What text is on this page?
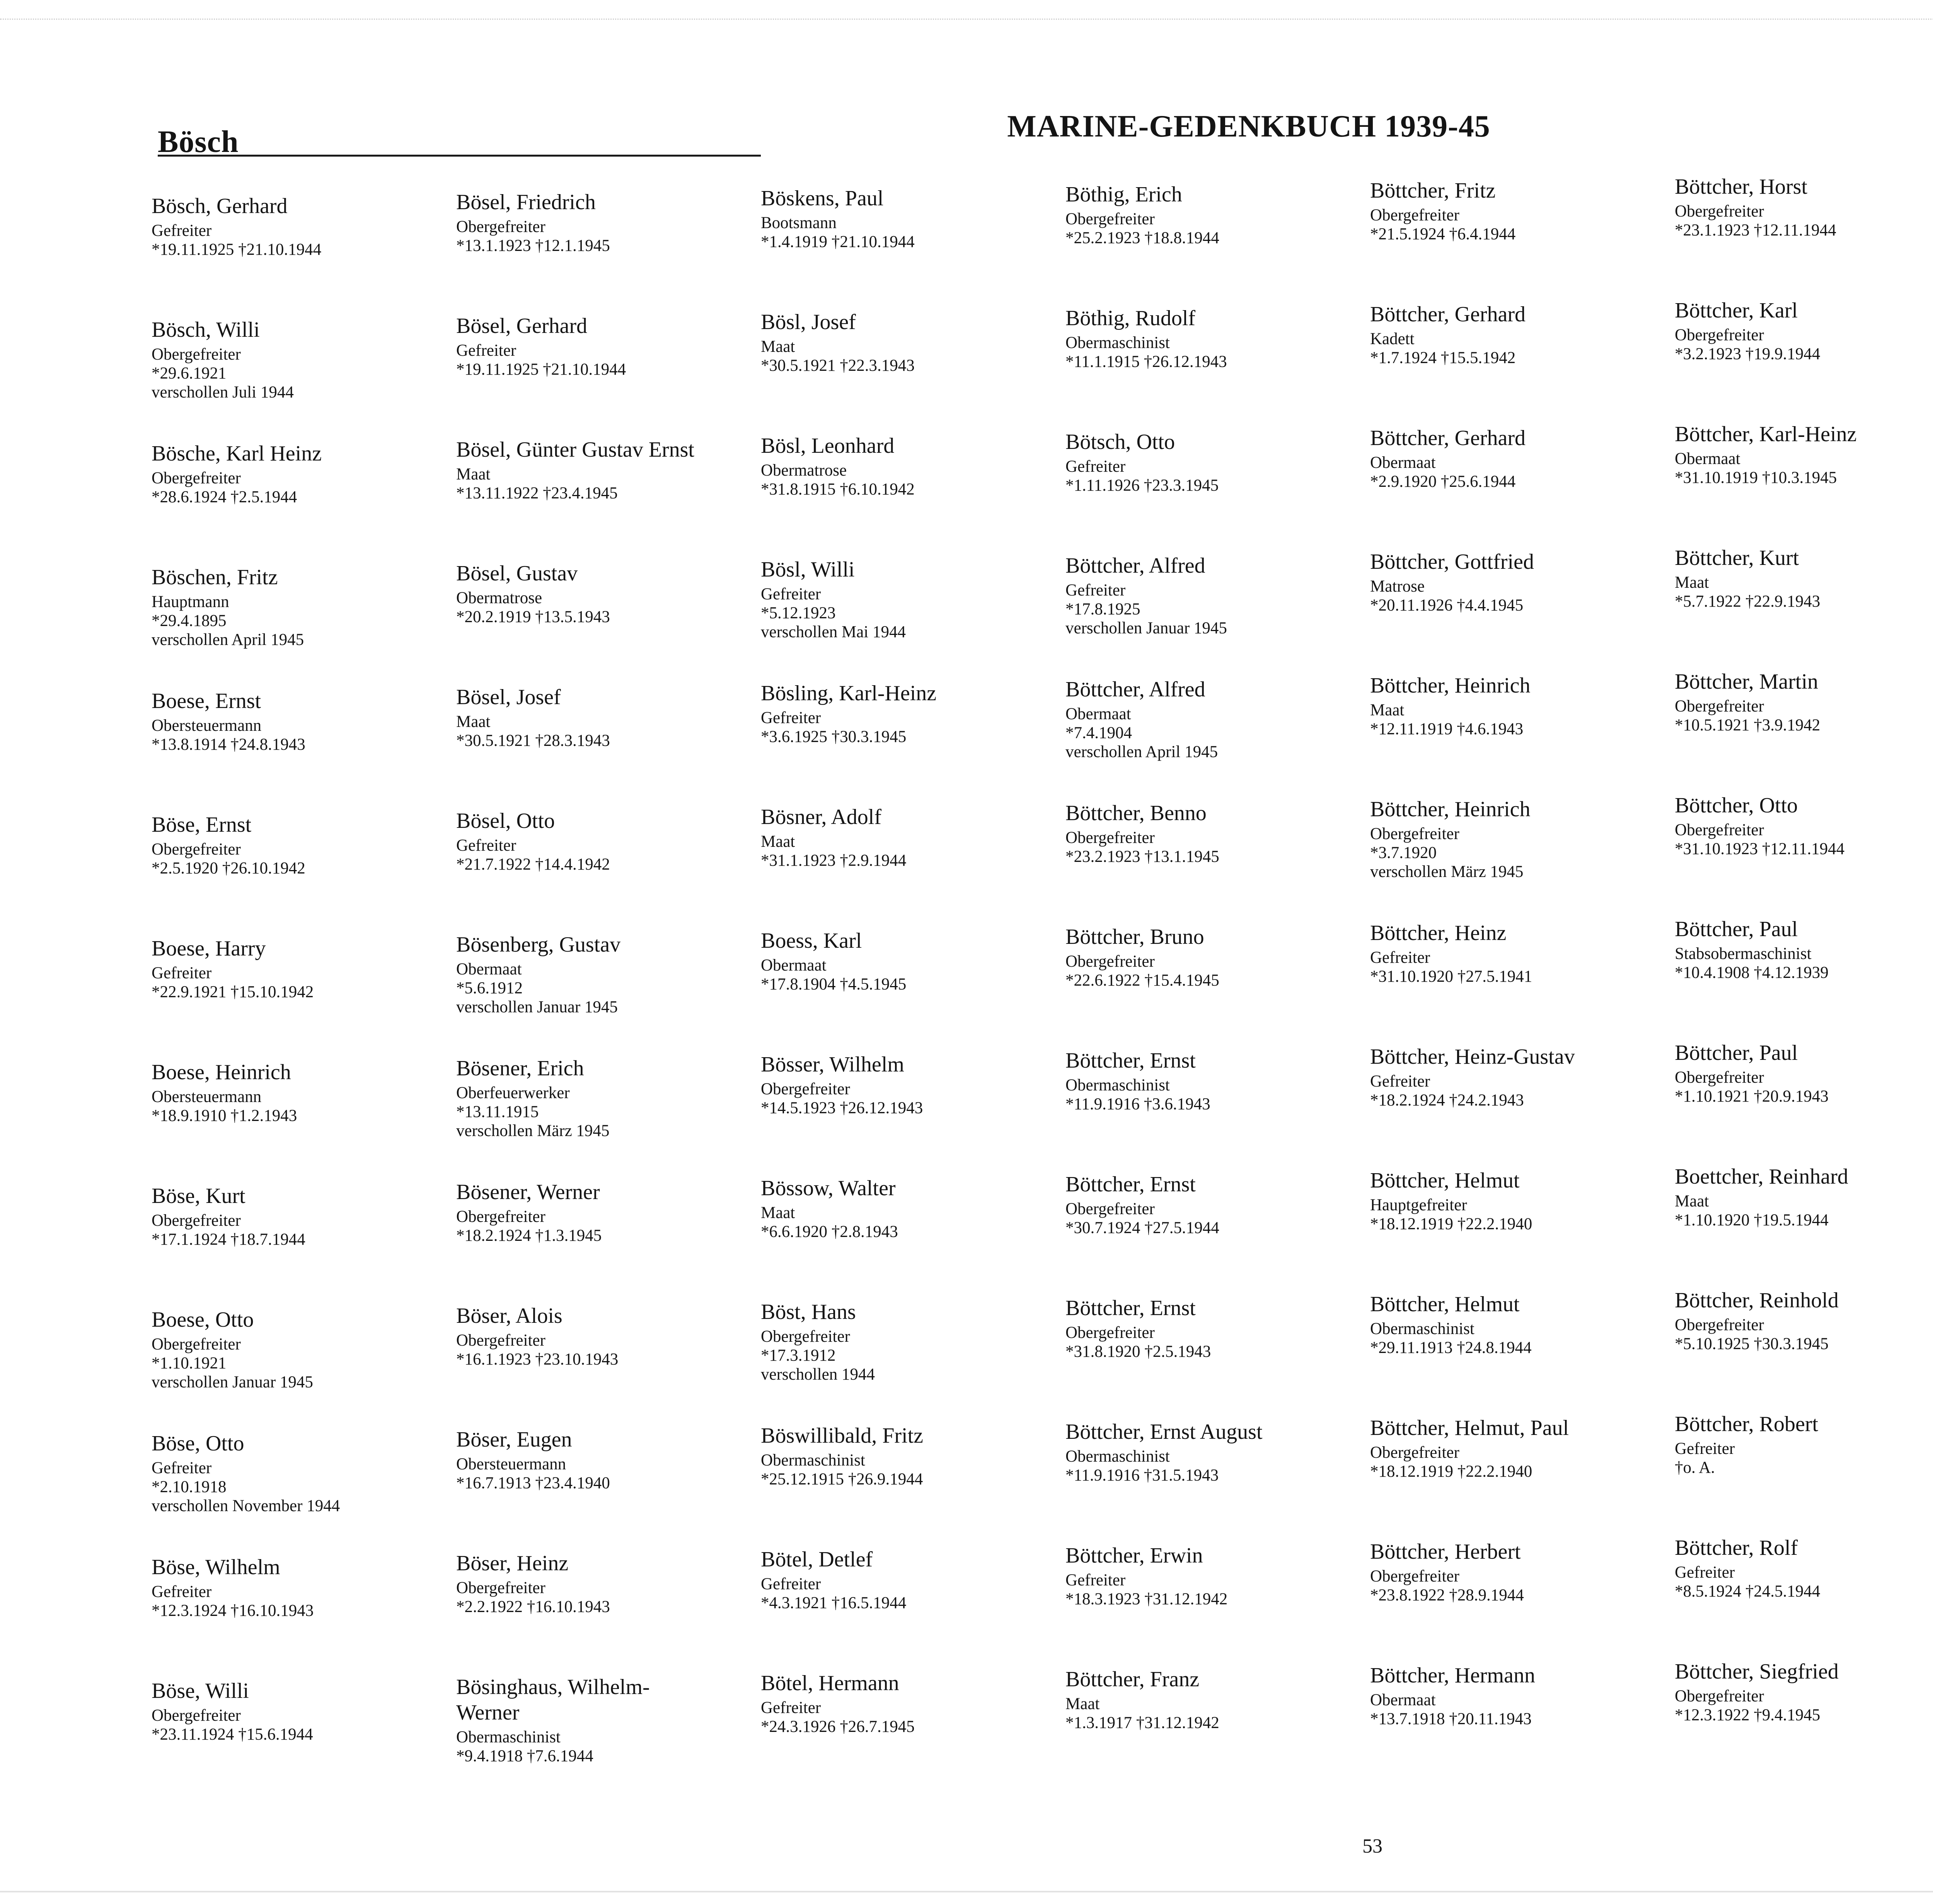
Bösch	MARINE-GEDENKBUCH 1939-45
Bösch, Gerhard
Gefreiter
*19.11.1925 †21.10.1944
Bösch, Willi
Obergefreiter
*29.6.1921
verschollen Juli 1944
Bösche, Karl Heinz
Obergefreiter
*28.6.1924 †2.5.1944
Böschen, Fritz
Hauptmann
*29.4.1895
verschollen April 1945
Boese, Ernst
Obersteuermann
*13.8.1914 †24.8.1943
Böse, Ernst
Obergefreiter
*2.5.1920 †26.10.1942
Boese, Harry
Gefreiter
*22.9.1921 †15.10.1942
Boese, Heinrich
Obersteuermann
*18.9.1910 †1.2.1943
Böse, Kurt
Obergefreiter
*17.1.1924 †18.7.1944
Boese, Otto
Obergefreiter
*1.10.1921
verschollen Januar 1945
Böse, Otto
Gefreiter
*2.10.1918
verschollen November 1944
Böse, Wilhelm
Gefreiter
*12.3.1924 †16.10.1943
Böse, Willi
Obergefreiter
*23.11.1924 †15.6.1944
Bösel, Friedrich
Obergefreiter
*13.1.1923 †12.1.1945
Bösel, Gerhard
Gefreiter
*19.11.1925 †21.10.1944
Bösel, Günter Gustav Ernst
Maat
*13.11.1922 †23.4.1945
Bösel, Gustav
Obermatrose
*20.2.1919 †13.5.1943
Bösel, Josef
Maat
*30.5.1921 †28.3.1943
Bösel, Otto
Gefreiter
*21.7.1922 †14.4.1942
Bösenberg, Gustav
Obermaat
*5.6.1912
verschollen Januar 1945
Bösener, Erich
Oberfeuerwerker
*13.11.1915
verschollen März 1945
Bösener, Werner
Obergefreiter
*18.2.1924 †1.3.1945
Böser, Alois
Obergefreiter
*16.1.1923 †23.10.1943
Böser, Eugen
Obersteuermann
*16.7.1913 †23.4.1940
Böser, Heinz
Obergefreiter
*2.2.1922 †16.10.1943
Bösinghaus, Wilhelm-Werner
Obermaschinist
*9.4.1918 †7.6.1944
Böskens, Paul
Bootsmann
*1.4.1919 †21.10.1944
Bösl, Josef
Maat
*30.5.1921 †22.3.1943
Bösl, Leonhard
Obermatrose
*31.8.1915 †6.10.1942
Bösl, Willi
Gefreiter
*5.12.1923
verschollen Mai 1944
Bösling, Karl-Heinz
Gefreiter
*3.6.1925 †30.3.1945
Bösner, Adolf
Maat
*31.1.1923 †2.9.1944
Boess, Karl
Obermaat
*17.8.1904 †4.5.1945
Bösser, Wilhelm
Obergefreiter
*14.5.1923 †26.12.1943
Bössow, Walter
Maat
*6.6.1920 †2.8.1943
Böst, Hans
Obergefreiter
*17.3.1912
verschollen 1944
Böswillibald, Fritz
Obermaschinist
*25.12.1915 †26.9.1944
Bötel, Detlef
Gefreiter
*4.3.1921 †16.5.1944
Bötel, Hermann
Gefreiter
*24.3.1926 †26.7.1945
Böthig, Erich
Obergefreiter
*25.2.1923 †18.8.1944
Böthig, Rudolf
Obermaschinist
*11.1.1915 †26.12.1943
Bötsch, Otto
Gefreiter
*1.11.1926 †23.3.1945
Böttcher, Alfred
Gefreiter
*17.8.1925
verschollen Januar 1945
Böttcher, Alfred
Obermaat
*7.4.1904
verschollen April 1945
Böttcher, Benno
Obergefreiter
*23.2.1923 †13.1.1945
Böttcher, Bruno
Obergefreiter
*22.6.1922 †15.4.1945
Böttcher, Ernst
Obermaschinist
*11.9.1916 †3.6.1943
Böttcher, Ernst
Obergefreiter
*30.7.1924 †27.5.1944
Böttcher, Ernst
Obergefreiter
*31.8.1920 †2.5.1943
Böttcher, Ernst August
Obermaschinist
*11.9.1916 †31.5.1943
Böttcher, Erwin
Gefreiter
*18.3.1923 †31.12.1942
Böttcher, Franz
Maat
*1.3.1917 †31.12.1942
Böttcher, Fritz
Obergefreiter
*21.5.1924 †6.4.1944
Böttcher, Gerhard
Kadett
*1.7.1924 †15.5.1942
Böttcher, Gerhard
Obermaat
*2.9.1920 †25.6.1944
Böttcher, Gottfried
Matrose
*20.11.1926 †4.4.1945
Böttcher, Heinrich
Maat
*12.11.1919 †4.6.1943
Böttcher, Heinrich
Obergefreiter
*3.7.1920
verschollen März 1945
Böttcher, Heinz
Gefreiter
*31.10.1920 †27.5.1941
Böttcher, Heinz-Gustav
Gefreiter
*18.2.1924 †24.2.1943
Böttcher, Helmut
Hauptgefreiter
*18.12.1919 †22.2.1940
Böttcher, Helmut
Obermaschinist
*29.11.1913 †24.8.1944
Böttcher, Helmut, Paul
Obergefreiter
*18.12.1919 †22.2.1940
Böttcher, Herbert
Obergefreiter
*23.8.1922 †28.9.1944
Böttcher, Hermann
Obermaat
*13.7.1918 †20.11.1943
Böttcher, Horst
Obergefreiter
*23.1.1923 †12.11.1944
Böttcher, Karl
Obergefreiter
*3.2.1923 †19.9.1944
Böttcher, Karl-Heinz
Obermaat
*31.10.1919 †10.3.1945
Böttcher, Kurt
Maat
*5.7.1922 †22.9.1943
Böttcher, Martin
Obergefreiter
*10.5.1921 †3.9.1942
Böttcher, Otto
Obergefreiter
*31.10.1923 †12.11.1944
Böttcher, Paul
Stabsobermaschinist
*10.4.1908 †4.12.1939
Böttcher, Paul
Obergefreiter
*1.10.1921 †20.9.1943
Boettcher, Reinhard
Maat
*1.10.1920 †19.5.1944
Böttcher, Reinhold
Obergefreiter
*5.10.1925 †30.3.1945
Böttcher, Robert
Gefreiter
†o. A.
Böttcher, Rolf
Gefreiter
*8.5.1924 †24.5.1944
Böttcher, Siegfried
Obergefreiter
*12.3.1922 †9.4.1945
53
